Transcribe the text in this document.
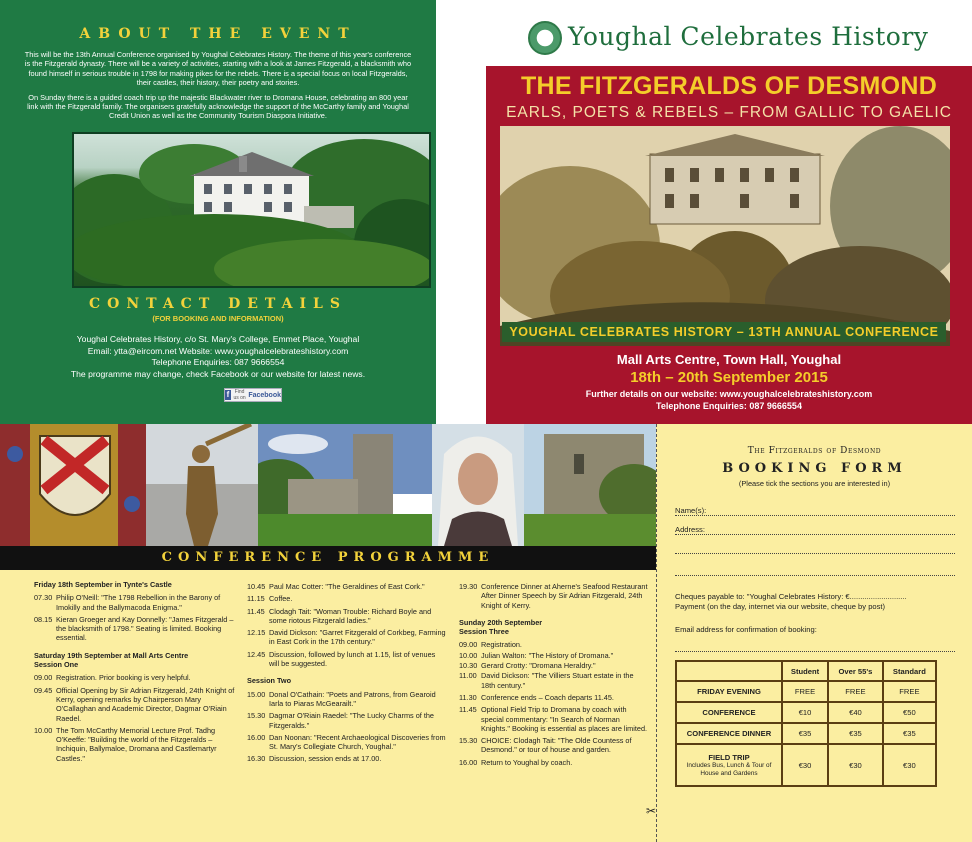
ABOUT THE EVENT

This will be the 13th Annual Conference organised by Youghal Celebrates History. The theme of this year's conference is the Fitzgerald dynasty. There will be a variety of activities, starting with a look at James Fitzgerald, a blacksmith who found himself in serious trouble in 1798 for making pikes for the rebels. There is a special focus on local Fitzgeralds, their castles, their history, their poetry and stories.

On Sunday there is a guided coach trip up the majestic Blackwater river to Dromana House, celebrating an 800 year link with the Fitzgerald family. The organisers gratefully acknowledge the support of the McCarthy family and Youghal Credit Union as well as the Community Tourism Diaspora Initiative.

CONTACT DETAILS
(FOR BOOKING AND INFORMATION)
Youghal Celebrates History, c/o St. Mary's College, Emmet Place, Youghal
Email: ytta@eircom.net Website: www.youghalcelebrateshistory.com
Telephone Enquiries: 087 9666554
The programme may change, check Facebook or our website for latest news.
f	Find us on Facebook
Youghal Celebrates History
THE FITZGERALDS OF DESMOND
EARLS, POETS & REBELS – FROM GALLIC TO GAELIC
YOUGHAL CELEBRATES HISTORY – 13TH ANNUAL CONFERENCE
Mall Arts Centre, Town Hall, Youghal
18th – 20th September 2015
Further details on our website: www.youghalcelebrateshistory.com
Telephone Enquiries: 087 9666554
CONFERENCE PROGRAMME
Friday 18th September in Tynte's Castle
07.30 Philip O'Neill: "The 1798 Rebellion in the Barony of Imokilly and the Ballymacoda Enigma."
08.15 Kieran Groeger and Kay Donnelly: "James Fitzgerald – the blacksmith of 1798." Seating is limited. Booking essential.
Saturday 19th September at Mall Arts Centre
Session One
09.00 Registration. Prior booking is very helpful.
09.45 Official Opening by Sir Adrian Fitzgerald, 24th Knight of Kerry, opening remarks by Chairperson Mary O'Callaghan and Academic Director, Dagmar O'Riain Raedel.
10.00 The Tom McCarthy Memorial Lecture Prof. Tadhg O'Keeffe: "Building the world of the Fitzgeralds – Inchiquin, Ballymaloe, Dromana and Castlemartyr Castles."
10.45 Paul Mac Cotter: "The Geraldines of East Cork."
11.15 Coffee.
11.45 Clodagh Tait: "Woman Trouble: Richard Boyle and some riotous Fitzgerald ladies."
12.15 David Dickson: "Garret Fitzgerald of Corkbeg, Farming in East Cork in the 17th century."
12.45 Discussion, followed by lunch at 1.15, list of venues will be suggested.
Session Two
15.00 Donal O'Cathain: "Poets and Patrons, from Gearoid Iarla to Piaras McGearailt."
15.30 Dagmar O'Riain Raedel: "The Lucky Charms of the Fitzgeralds."
16.00 Dan Noonan: "Recent Archaeological Discoveries from St. Mary's Collegiate Church, Youghal."
16.30 Discussion, session ends at 17.00.
19.30 Conference Dinner at Aherne's Seafood Restaurant After Dinner Speech by Sir Adrian Fitzgerald, 24th Knight of Kerry.
Sunday 20th September
Session Three
09.00 Registration.
10.00 Julian Walton: "The History of Dromana."
10.30 Gerard Crotty: "Dromana Heraldry."
11.00 David Dickson: "The Villiers Stuart estate in the 18th century."
11.30 Conference ends – Coach departs 11.45.
11.45 Optional Field Trip to Dromana by coach with special commentary: "In Search of Norman Knights." Booking is essential as places are limited.
15.30 CHOICE: Clodagh Tait: "The Olde Countess of Desmond." or tour of house and garden.
16.00 Return to Youghal by coach.
The Fitzgeralds of Desmond
BOOKING FORM
(Please tick the sections you are interested in)
Name(s):
Address:
Cheques payable to: "Youghal Celebrates History: €...........................
Payment (on the day, internet via our website, cheque by post)
Email address for confirmation of booking:
	Student	Over 55's	Standard
FRIDAY EVENING	FREE	FREE	FREE
CONFERENCE	€10	€40	€50
CONFERENCE DINNER	€35	€35	€35
FIELD TRIP
Includes Bus, Lunch & Tour of House and Gardens	€30	€30	€30
✂
